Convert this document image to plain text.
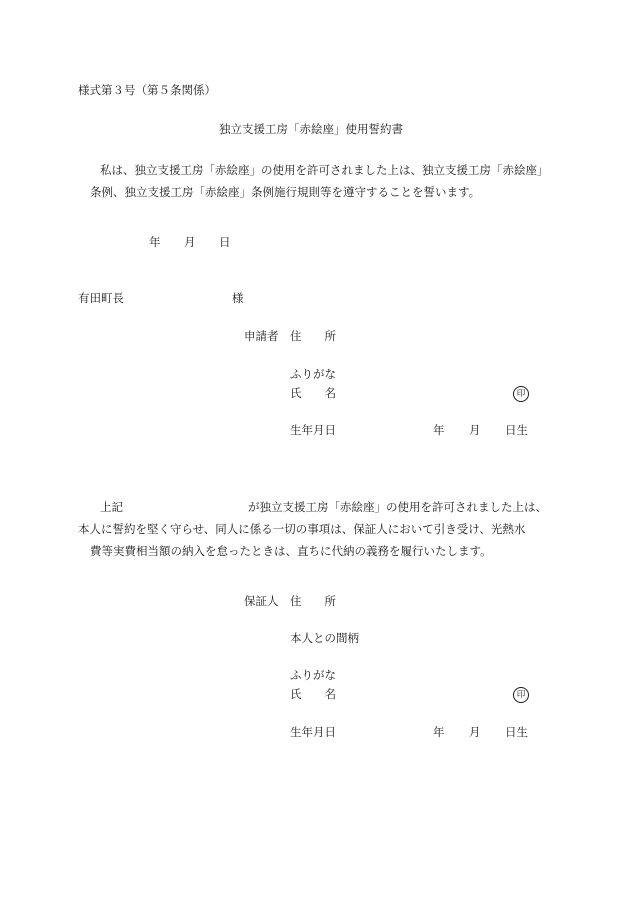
様式第３号（第５条関係）
独立支援工房「赤絵座」使用誓約書
私は、独立支援工房「赤絵座」の使用を許可されました上は、独立支援工房「赤絵座」
条例、独立支援工房「赤絵座」条例施行規則等を遵守することを誓います。
年 月 日
有田町長	様
申請者 住　　所
ふりがな
氏　　名	印
生年月日	年 月 日生
上記	が独立支援工房「赤絵座」の使用を許可されました上は、
本人に誓約を堅く守らせ、同人に係る一切の事項は、保証人において引き受け、光熱水
費等実費相当額の納入を怠ったときは、直ちに代納の義務を履行いたします。
保証人 住　　所
本人との間柄
ふりがな
氏　　名	印
生年月日	年 月 日生
